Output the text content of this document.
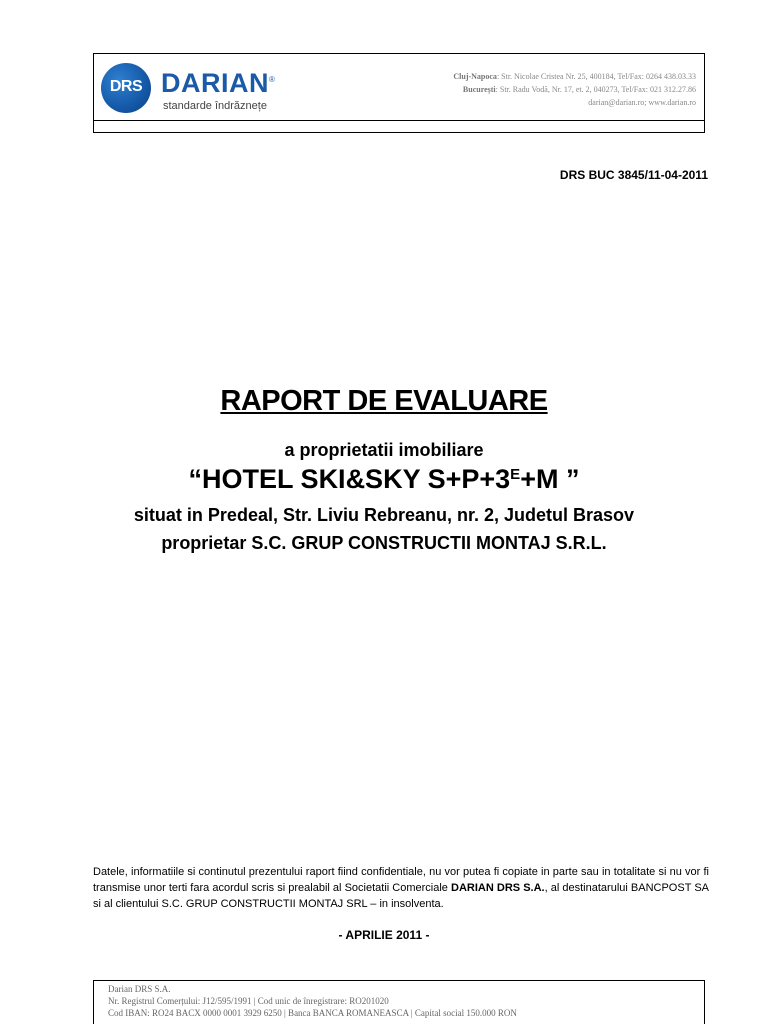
DRS DARIAN®
standarde îndrăznețe
Cluj-Napoca: Str. Nicolae Cristea Nr. 25, 400184, Tel/Fax: 0264 438.03.33
București: Str. Radu Vodă, Nr. 17, et. 2, 040273, Tel/Fax: 021 312.27.86
darian@darian.ro; www.darian.ro
DRS BUC 3845/11-04-2011
RAPORT DE EVALUARE
a proprietatii imobiliare
“HOTEL SKI&SKY $S+P+3^E+M$ ”
situat in Predeal, Str. Liviu Rebreanu, nr. 2, Judetul Brasov
proprietar S.C. GRUP CONSTRUCTII MONTAJ S.R.L.
Datele, informatiile si continutul prezentului raport fiind confidentiale, nu vor putea fi copiate in parte sau in totalitate si nu vor fi transmise unor terti fara acordul scris si prealabil al Societatii Comerciale DARIAN DRS S.A., al destinatarului BANCPOST SA si al clientului S.C. GRUP CONSTRUCTII MONTAJ SRL – in insolventa.
- APRILIE 2011 -
Darian DRS S.A.
Nr. Registrul Comerțului: J12/595/1991 | Cod unic de înregistrare: RO201020
Cod IBAN: RO24 BACX 0000 0001 3929 6250 | Banca BANCA ROMANEASCA | Capital social 150.000 RON
